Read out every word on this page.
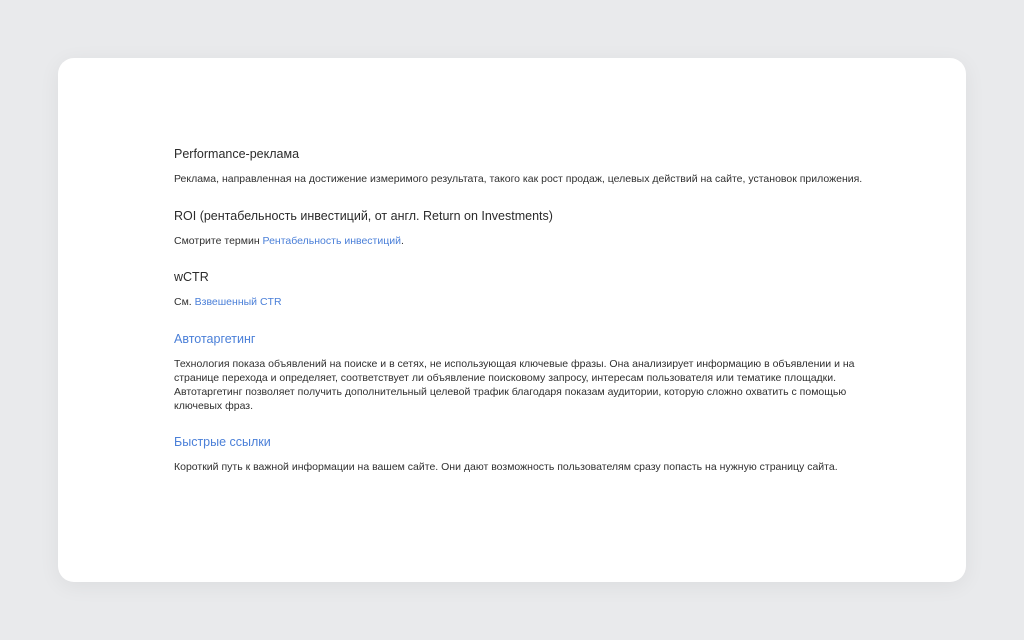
Performance-реклама
Реклама, направленная на достижение измеримого результата, такого как рост продаж, целевых действий на сайте, установок приложения.
ROI (рентабельность инвестиций, от англ. Return on Investments)
Смотрите термин Рентабельность инвестиций.
wCTR
См. Взвешенный CTR
Автотаргетинг
Технология показа объявлений на поиске и в сетях, не использующая ключевые фразы. Она анализирует информацию в объявлении и на странице перехода и определяет, соответствует ли объявление поисковому запросу, интересам пользователя или тематике площадки. Автотаргетинг позволяет получить дополнительный целевой трафик благодаря показам аудитории, которую сложно охватить с помощью ключевых фраз.
Быстрые ссылки
Короткий путь к важной информации на вашем сайте. Они дают возможность пользователям сразу попасть на нужную страницу сайта.
